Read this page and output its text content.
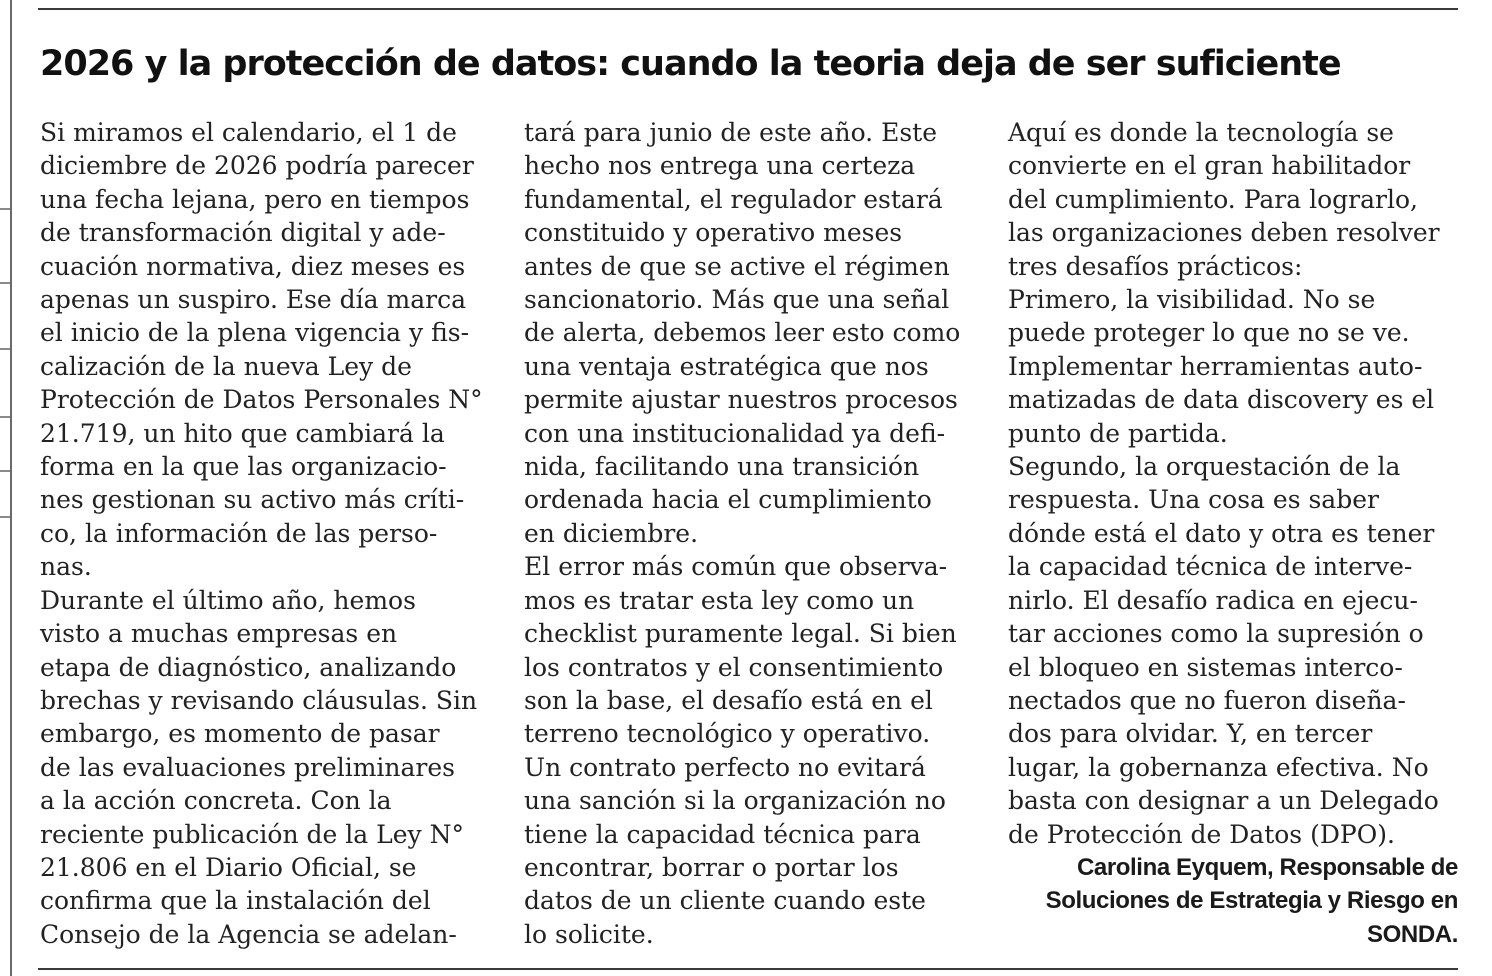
2026 y la protección de datos: cuando la teoria deja de ser suficiente
Si miramos el calendario, el 1 de
diciembre de 2026 podría parecer
una fecha lejana, pero en tiempos
de transformación digital y ade-
cuación normativa, diez meses es
apenas un suspiro. Ese día marca
el inicio de la plena vigencia y fis-
calización de la nueva Ley de
Protección de Datos Personales N°
21.719, un hito que cambiará la
forma en la que las organizacio-
nes gestionan su activo más críti-
co, la información de las perso-
nas.
Durante el último año, hemos
visto a muchas empresas en
etapa de diagnóstico, analizando
brechas y revisando cláusulas. Sin
embargo, es momento de pasar
de las evaluaciones preliminares
a la acción concreta. Con la
reciente publicación de la Ley N°
21.806 en el Diario Oficial, se
confirma que la instalación del
Consejo de la Agencia se adelan-
tará para junio de este año. Este
hecho nos entrega una certeza
fundamental, el regulador estará
constituido y operativo meses
antes de que se active el régimen
sancionatorio. Más que una señal
de alerta, debemos leer esto como
una ventaja estratégica que nos
permite ajustar nuestros procesos
con una institucionalidad ya defi-
nida, facilitando una transición
ordenada hacia el cumplimiento
en diciembre.
El error más común que observa-
mos es tratar esta ley como un
checklist puramente legal. Si bien
los contratos y el consentimiento
son la base, el desafío está en el
terreno tecnológico y operativo.
Un contrato perfecto no evitará
una sanción si la organización no
tiene la capacidad técnica para
encontrar, borrar o portar los
datos de un cliente cuando este
lo solicite.
Aquí es donde la tecnología se
convierte en el gran habilitador
del cumplimiento. Para lograrlo,
las organizaciones deben resolver
tres desafíos prácticos:
Primero, la visibilidad. No se
puede proteger lo que no se ve.
Implementar herramientas auto-
matizadas de data discovery es el
punto de partida.
Segundo, la orquestación de la
respuesta. Una cosa es saber
dónde está el dato y otra es tener
la capacidad técnica de interve-
nirlo. El desafío radica en ejecu-
tar acciones como la supresión o
el bloqueo en sistemas interco-
nectados que no fueron diseña-
dos para olvidar. Y, en tercer
lugar, la gobernanza efectiva. No
basta con designar a un Delegado
de Protección de Datos (DPO).
Carolina Eyquem, Responsable de
Soluciones de Estrategia y Riesgo en
SONDA.
